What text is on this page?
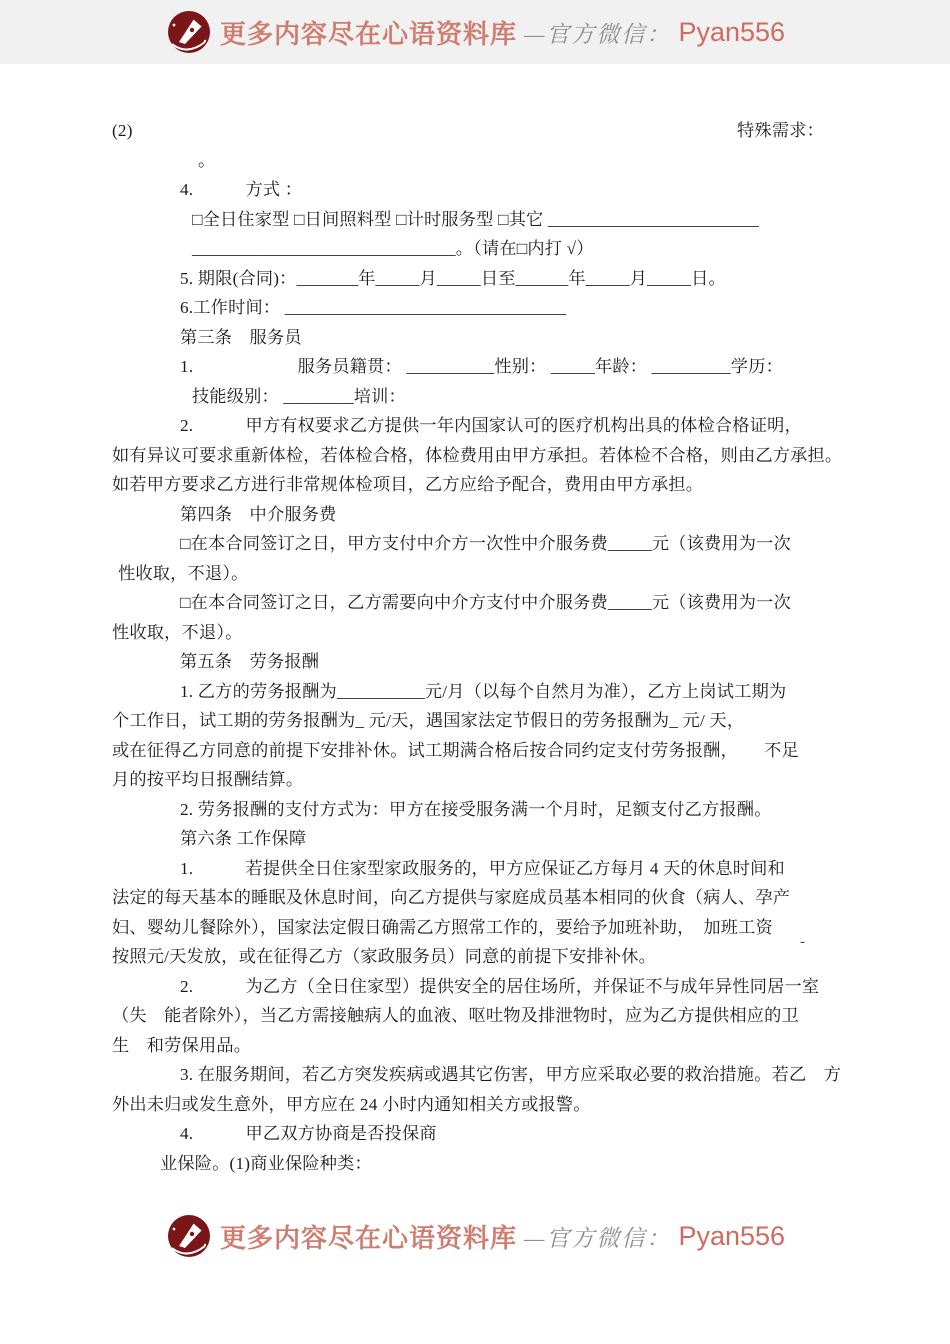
更多内容尽在心语资料库 —官方微信： Pyan556

(2)	特殊需求：

。

4.　　　方式 ：

□全日住家型 □日间照料型 □计时服务型 □其它 ________________________

______________________________。（请在□内打 √）

5. 期限(合同)：_______年_____月_____日至______年_____月_____日。

6.工作时间： ________________________________

第三条　服务员

1.　　　　　　服务员籍贯： __________性别： _____年龄： _________学历：

技能级别： ________培训：

2.　　　甲方有权要求乙方提供一年内国家认可的医疗机构出具的体检合格证明，

如有异议可要求重新体检，若体检合格，体检费用由甲方承担。若体检不合格，则由乙方承担。

如若甲方要求乙方进行非常规体检项目，乙方应给予配合，费用由甲方承担。

第四条　中介服务费

□在本合同签订之日，甲方支付中介方一次性中介服务费_____元（该费用为一次

性收取，不退）。

□在本合同签订之日，乙方需要向中介方支付中介服务费_____元（该费用为一次

性收取，不退）。

第五条　劳务报酬

1. 乙方的劳务报酬为__________元/月（以每个自然月为准），乙方上岗试工期为

个工作日，试工期的劳务报酬为_ 元/天，遇国家法定节假日的劳务报酬为_ 元/ 天，

或在征得乙方同意的前提下安排补休。试工期满合格后按合同约定支付劳务报酬，　　不足

月的按平均日报酬结算。

2. 劳务报酬的支付方式为：甲方在接受服务满一个月时，足额支付乙方报酬。

第六条 工作保障

1.　　　若提供全日住家型家政服务的，甲方应保证乙方每月 4 天的休息时间和

法定的每天基本的睡眠及休息时间，向乙方提供与家庭成员基本相同的伙食（病人、孕产

妇、婴幼儿餐除外），国家法定假日确需乙方照常工作的，要给予加班补助，　加班工资

按照元/天发放，或在征得乙方（家政服务员）同意的前提下安排补休。

2.　　　为乙方（全日住家型）提供安全的居住场所，并保证不与成年异性同居一室

（失　能者除外），当乙方需接触病人的血液、呕吐物及排泄物时，应为乙方提供相应的卫

生　和劳保用品。

3. 在服务期间，若乙方突发疾病或遇其它伤害，甲方应采取必要的救治措施。若乙　方

外出未归或发生意外，甲方应在 24 小时内通知相关方或报警。

4.　　　甲乙双方协商是否投保商

业保险。(1)商业保险种类：

-
更多内容尽在心语资料库 —官方微信： Pyan556
